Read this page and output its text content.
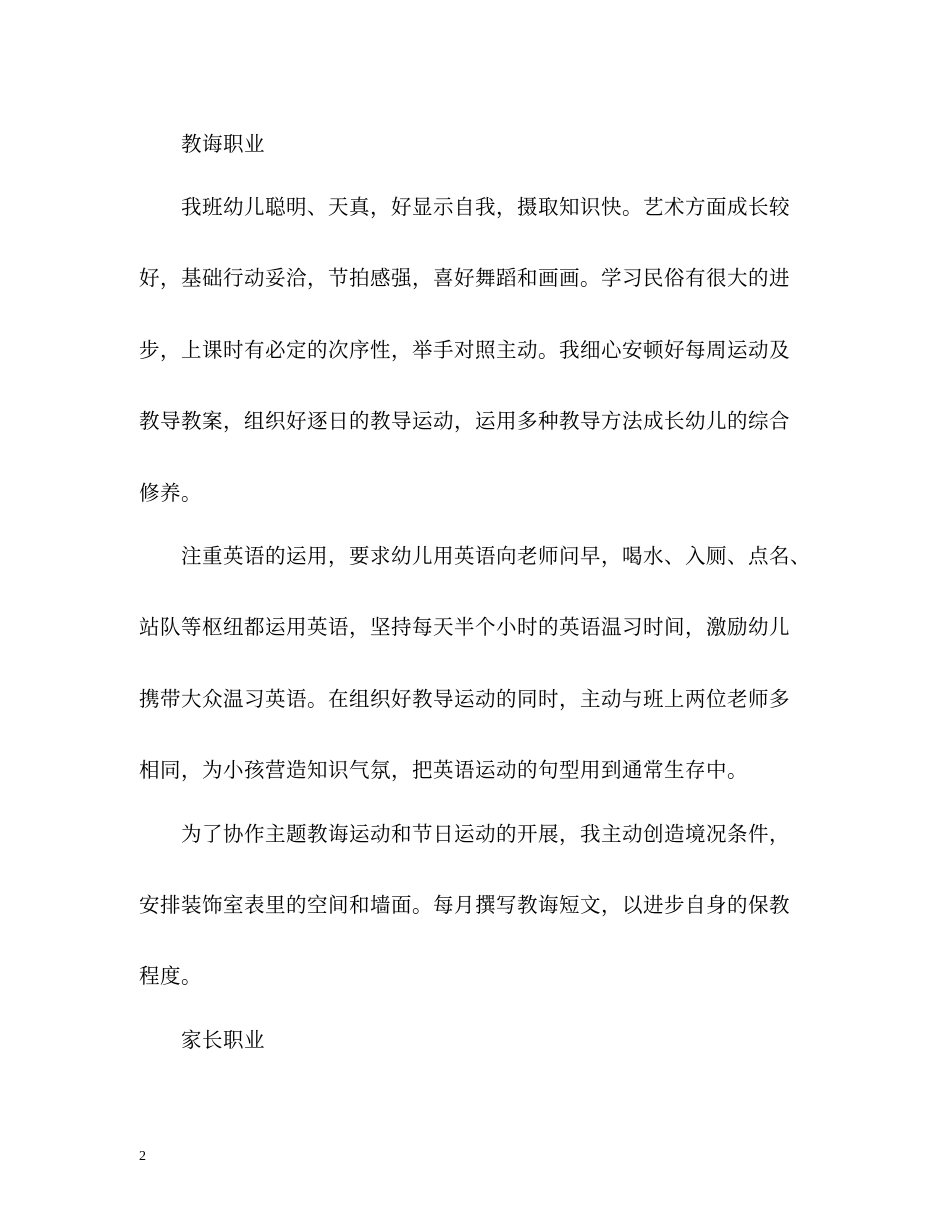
教诲职业
我班幼儿聪明、天真，好显示自我，摄取知识快。艺术方面成长较
好，基础行动妥洽，节拍感强，喜好舞蹈和画画。学习民俗有很大的进
步，上课时有必定的次序性，举手对照主动。我细心安顿好每周运动及
教导教案，组织好逐日的教导运动，运用多种教导方法成长幼儿的综合
修养。
注重英语的运用，要求幼儿用英语向老师问早，喝水、入厕、点名、
站队等枢纽都运用英语，坚持每天半个小时的英语温习时间，激励幼儿
携带大众温习英语。在组织好教导运动的同时，主动与班上两位老师多
相同，为小孩营造知识气氛，把英语运动的句型用到通常生存中。
为了协作主题教诲运动和节日运动的开展，我主动创造境况条件，
安排装饰室表里的空间和墙面。每月撰写教诲短文，以进步自身的保教
程度。
家长职业
2
